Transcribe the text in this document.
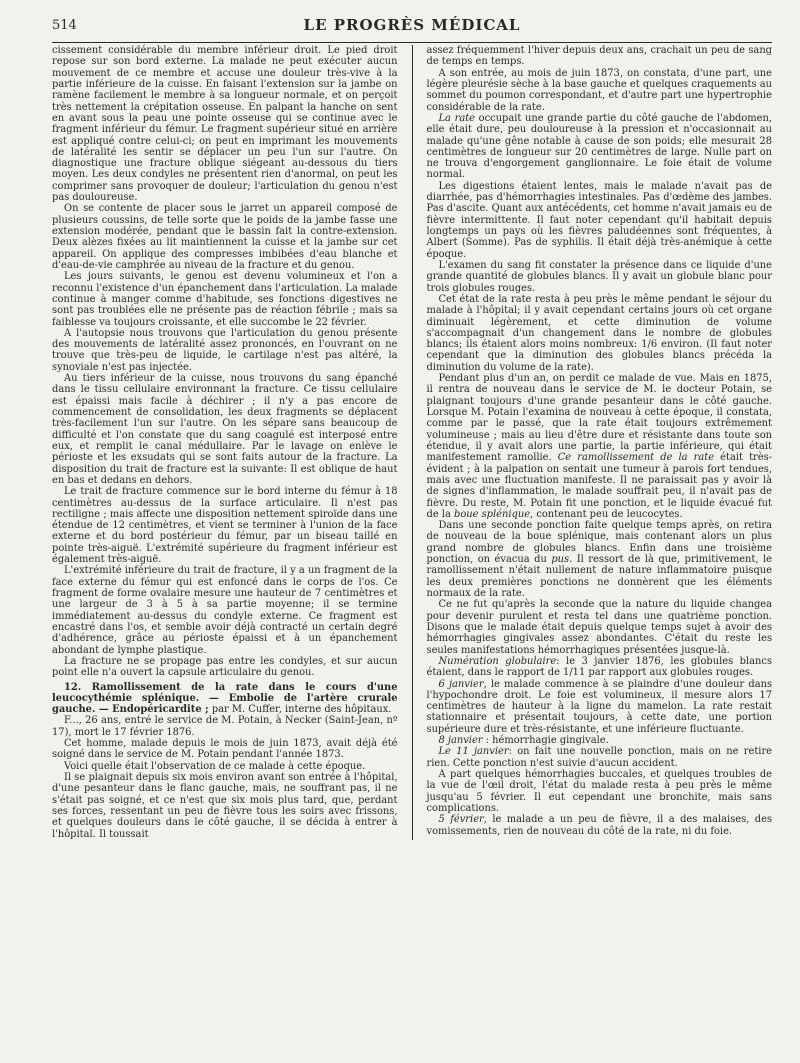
514	LE PROGRÈS MÉDICAL

cissement considérable du membre inférieur droit. Le pied droit repose sur son bord externe. La malade ne peut exécuter aucun mouvement de ce membre et accuse une douleur très-vive à la partie inférieure de la cuisse. En faisant l'extension sur la jambe on ramène facilement le membre à sa longueur normale, et on perçoit très nettement la crépitation osseuse. En palpant la hanche on sent en avant sous la peau une pointe osseuse qui se continue avec le fragment inférieur du fémur. Le fragment supérieur situé en arrière est appliqué contre celui-ci; on peut en imprimant les mouvements de latéralité les sentir se déplacer un peu l'un sur l'autre. On diagnostique une fracture oblique siégeant au-dessous du tiers moyen. Les deux condyles ne présentent rien d'anormal, on peut les comprimer sans provoquer de douleur; l'articulation du genou n'est pas douloureuse.

On se contente de placer sous le jarret un appareil composé de plusieurs coussins, de telle sorte que le poids de la jambe fasse une extension modérée, pendant que le bassin fait la contre-extension. Deux alèzes fixées au lit maintiennent la cuisse et la jambe sur cet appareil. On applique des compresses imbibées d'eau blanche et d'eau-de-vie camphrée au niveau de la fracture et du genou.

Les jours suivants, le genou est devenu volumineux et l'on a reconnu l'existence d'un épanchement dans l'articulation. La malade continue à manger comme d'habitude, ses fonctions digestives ne sont pas troublées elle ne présente pas de réaction fébrile ; mais sa faiblesse va toujours croissante, et elle succombe le 22 février.

A l'autopsie nous trouvons que l'articulation du genou présente des mouvements de latéralité assez prononcés, en l'ouvrant on ne trouve que très-peu de liquide, le cartilage n'est pas altéré, la synoviale n'est pas injectée.

Au tiers inférieur de la cuisse, nous trouvons du sang épanché dans le tissu cellulaire environnant la fracture. Ce tissu cellulaire est épaissi mais facile à déchirer ; il n'y a pas encore de commencement de consolidation, les deux fragments se déplacent très-facilement l'un sur l'autre. On les sépare sans beaucoup de difficulté et l'on constate que du sang coagulé est interposé entre eux, et remplit le canal médullaire. Par le lavage on enlève le périoste et les exsudats qui se sont faits autour de la fracture. La disposition du trait de fracture est la suivante: Il est oblique de haut en bas et dedans en dehors.

Le trait de fracture commence sur le bord interne du fémur à 18 centimètres au-dessus de la surface articulaire. Il n'est pas rectiligne ; mais affecte une disposition nettement spiroïde dans une étendue de 12 centimètres, et vient se terminer à l'union de la face externe et du bord postérieur du fémur, par un biseau taillé en pointe très-aiguë. L'extrémité supérieure du fragment inférieur est également très-aiguë.

L'extrémité inférieure du trait de fracture, il y a un fragment de la face externe du fémur qui est enfoncé dans le corps de l'os. Ce fragment de forme ovalaire mesure une hauteur de 7 centimètres et une largeur de 3 à 5 à sa partie moyenne; il se termine immédiatement au-dessus du condyle externe. Ce fragment est encastré dans l'os, et semble avoir déjà contracté un certain degré d'adhérence, grâce au périoste épaissi et à un épanchement abondant de lymphe plastique.

La fracture ne se propage pas entre les condyles, et sur aucun point elle n'a ouvert la capsule articulaire du genou.

12. Ramollissement de la rate dans le cours d'une leucocythémie splénique. — Embolie de l'artère crurale gauche. — Endopéricardite ; par M. Cuffer, interne des hôpitaux.

F..., 26 ans, entré le service de M. Potain, à Necker (Saint-Jean, nº 17), mort le 17 février 1876.

Cet homme, malade depuis le mois de juin 1873, avait déjà été soigné dans le service de M. Potain pendant l'année 1873.

Voici quelle était l'observation de ce malade à cette époque.

Il se plaignait depuis six mois environ avant son entrée à l'hôpital, d'une pesanteur dans le flanc gauche, mais, ne souffrant pas, il ne s'était pas soigné, et ce n'est que six mois plus tard, que, perdant ses forces, ressentant un peu de fièvre tous les soirs avec frissons, et quelques douleurs dans le côté gauche, il se décida à entrer à l'hôpital. Il toussait

assez fréquemment l'hiver depuis deux ans, crachait un peu de sang de temps en temps.

A son entrée, au mois de juin 1873, on constata, d'une part, une légère pleurésie sèche à la base gauche et quelques craquements au sommet du poumon correspondant, et d'autre part une hypertrophie considérable de la rate.

La rate occupait une grande partie du côté gauche de l'abdomen, elle était dure, peu douloureuse à la pression et n'occasionnait au malade qu'une gêne notable à cause de son poids; elle mesurait 28 centimètres de longueur sur 20 centimètres de large. Nulle part on ne trouva d'engorgement ganglionnaire. Le foie était de volume normal.

Les digestions étaient lentes, mais le malade n'avait pas de diarrhée, pas d'hémorrhagies intestinales. Pas d'œdème des jambes. Pas d'ascite. Quant aux antécédents, cet homme n'avait jamais eu de fièvre intermittente. Il faut noter cependant qu'il habitait depuis longtemps un pays où les fièvres paludéennes sont fréquentes, à Albert (Somme). Pas de syphilis. Il était déjà très-anémique à cette époque.

L'examen du sang fit constater la présence dans ce liquide d'une grande quantité de globules blancs. Il y avait un globule blanc pour trois globules rouges.

Cet état de la rate resta à peu près le même pendant le séjour du malade à l'hôpital; il y avait cependant certains jours où cet organe diminuait légèrement, et cette diminution de volume s'accompagnait d'un changement dans le nombre de globules blancs; ils étaient alors moins nombreux: 1/6 environ. (Il faut noter cependant que la diminution des globules blancs précéda la diminution du volume de la rate).

Pendant plus d'un an, on perdit ce malade de vue. Mais en 1875, il rentra de nouveau dans le service de M. le docteur Potain, se plaignant toujours d'une grande pesanteur dans le côté gauche. Lorsque M. Potain l'examina de nouveau à cette époque, il constata, comme par le passé, que la rate était toujours extrêmement volumineuse ; mais au lieu d'être dure et résistante dans toute son étendue, il y avait alors une partie, la partie inférieure, qui était manifestement ramollie. Ce ramollissement de la rate était très-évident ; à la palpation on sentait une tumeur à parois fort tendues, mais avec une fluctuation manifeste. Il ne paraissait pas y avoir là de signes d'inflammation, le malade souffrait peu, il n'avait pas de fièvre. Du reste, M. Potain fit une ponction, et le liquide évacué fut de la boue splénique, contenant peu de leucocytes.

Dans une seconde ponction faite quelque temps après, on retira de nouveau de la boue splénique, mais contenant alors un plus grand nombre de globules blancs. Enfin dans une troisième ponction, on évacua du pus. Il ressort de là que, primitivement, le ramollissement n'était nullement de nature inflammatoire puisque les deux premières ponctions ne donnèrent que les éléments normaux de la rate.

Ce ne fut qu'après la seconde que la nature du liquide changea pour devenir purulent et resta tel dans une quatrième ponction. Disons que le malade était depuis quelque temps sujet à avoir des hémorrhagies gingivales assez abondantes. C'était du reste les seules manifestations hémorrhagiques présentées jusque-là.

Numération globulaire: le 3 janvier 1876, les globules blancs étaient, dans le rapport de 1/11 par rapport aux globules rouges.

6 janvier, le malade commence à se plaindre d'une douleur dans l'hypochondre droit. Le foie est volumineux, il mesure alors 17 centimètres de hauteur à la ligne du mamelon. La rate restait stationnaire et présentait toujours, à cette date, une portion supérieure dure et très-résistante, et une inférieure fluctuante.

8 janvier : hémorrhagie gingivale.

Le 11 janvier: on fait une nouvelle ponction, mais on ne retire rien. Cette ponction n'est suivie d'aucun accident.

A part quelques hémorrhagies buccales, et quelques troubles de la vue de l'œil droit, l'état du malade resta à peu près le même jusqu'au 5 février. Il eut cependant une bronchite, mais sans complications.

5 février, le malade a un peu de fièvre, il a des malaises, des vomissements, rien de nouveau du côté de la rate, ni du foie.
